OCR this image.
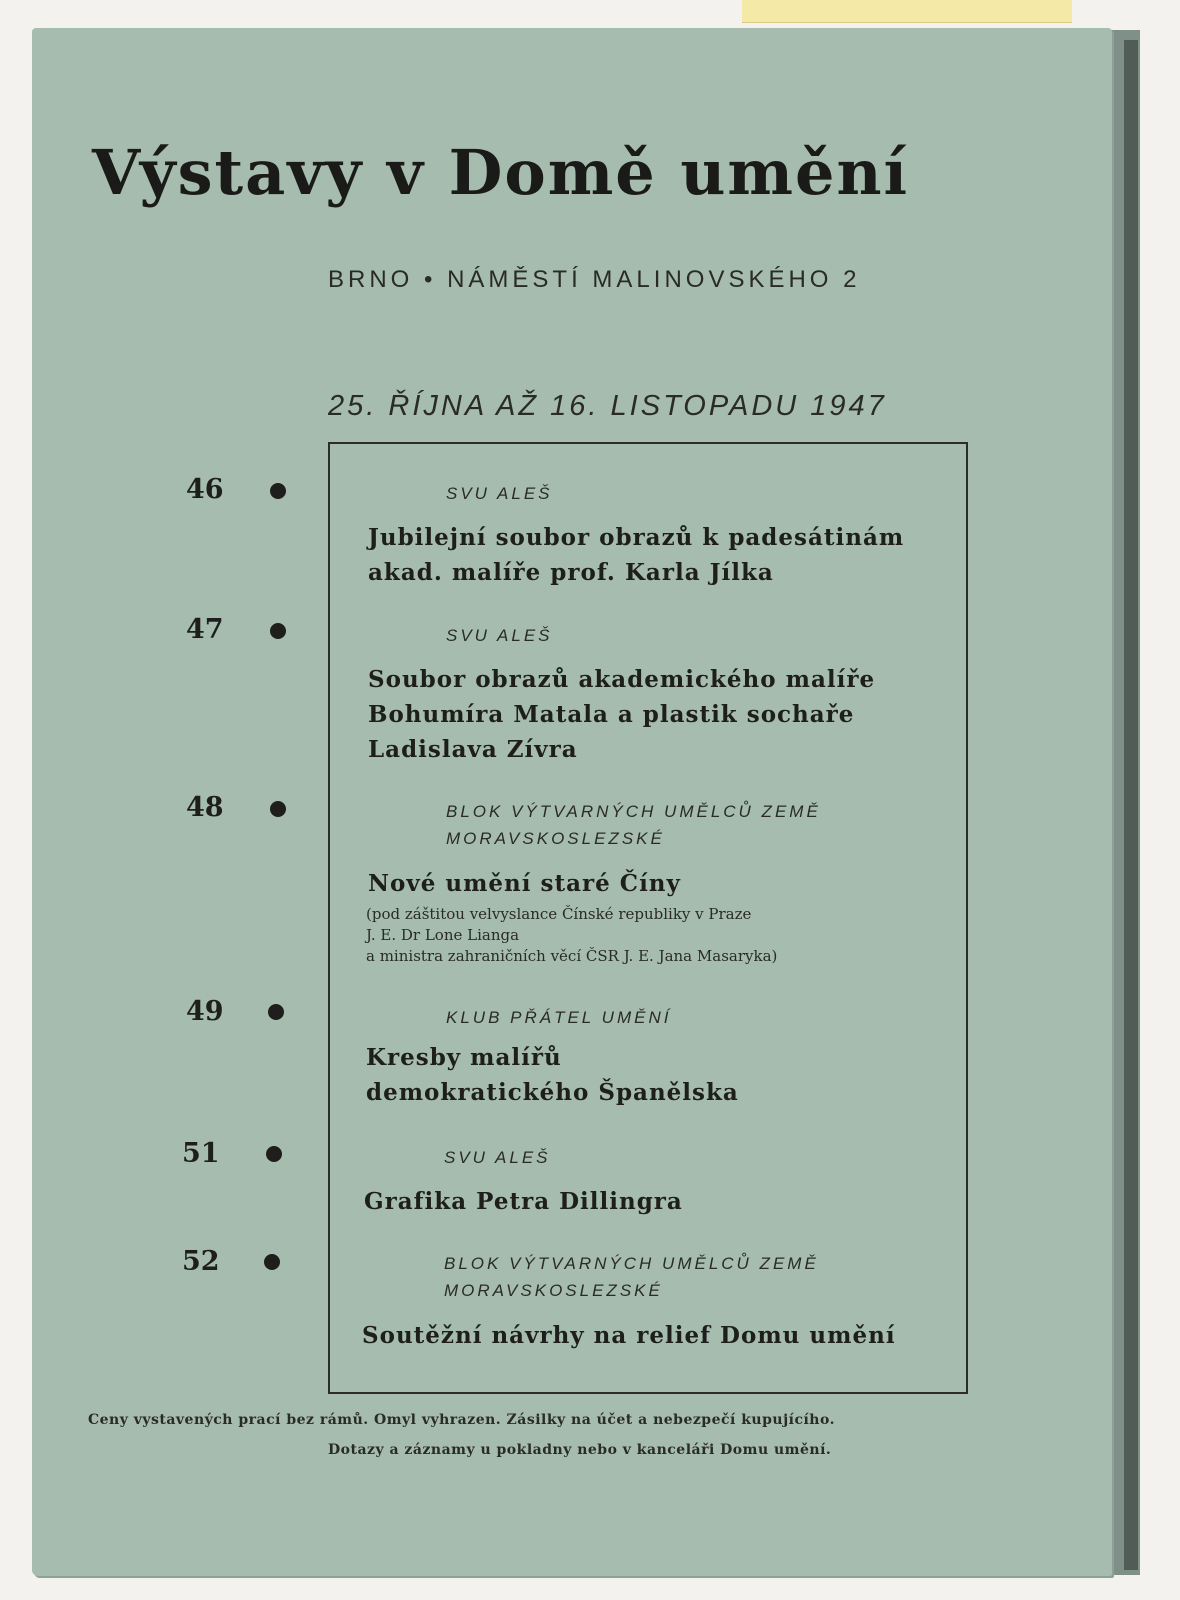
Výstavy v Domě umění
BRNO • NÁMĚSTÍ MALINOVSKÉHO 2
25. ŘÍJNA AŽ 16. LISTOPADU 1947
46	SVU ALEŠ
Jubilejní soubor obrazů k padesátinám
akad. malíře prof. Karla Jílka
47	SVU ALEŠ
Soubor obrazů akademického malíře
Bohumíra Matala a plastik sochaře
Ladislava Zívra
48	BLOK VÝTVARNÝCH UMĚLCŮ ZEMĚ
MORAVSKOSLEZSKÉ
Nové umění staré Číny
(pod záštitou velvyslance Čínské republiky v Praze
J. E. Dr Lone Lianga
a ministra zahraničních věcí ČSR J. E. Jana Masaryka)
49	KLUB PŘÁTEL UMĚNÍ
Kresby malířů
demokratického Španělska
51	SVU ALEŠ
Grafika Petra Dillingra
52	BLOK VÝTVARNÝCH UMĚLCŮ ZEMĚ
MORAVSKOSLEZSKÉ
Soutěžní návrhy na relief Domu umění
Ceny vystavených prací bez rámů. Omyl vyhrazen. Zásilky na účet a nebezpečí kupujícího.
Dotazy a záznamy u pokladny nebo v kanceláři Domu umění.
